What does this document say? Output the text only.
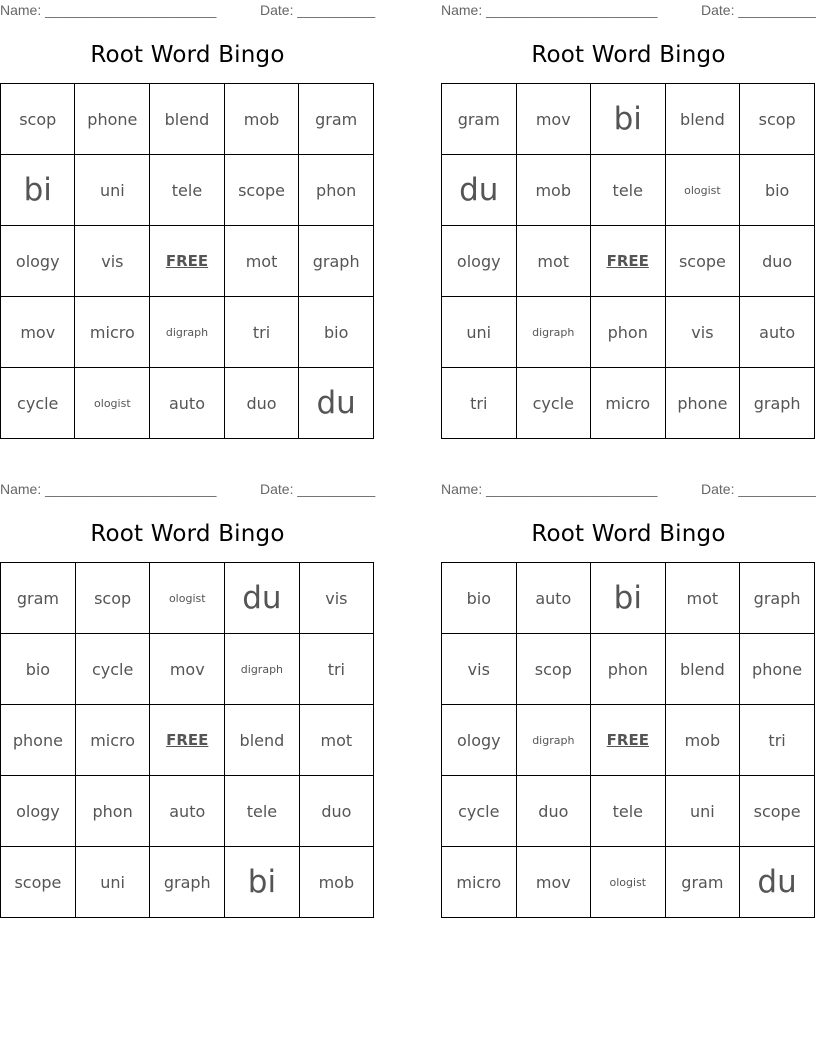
Name: ______________________	Date: __________
Root Word Bingo
scop	phone	blend	mob	gram
bi	uni	tele	scope	phon
ology	vis	FREE	mot	graph
mov	micro	digraph	tri	bio
cycle	ologist	auto	duo	du
Name: ______________________	Date: __________
Root Word Bingo
gram	mov	bi	blend	scop
du	mob	tele	ologist	bio
ology	mot	FREE	scope	duo
uni	digraph	phon	vis	auto
tri	cycle	micro	phone	graph
Name: ______________________	Date: __________
Root Word Bingo
gram	scop	ologist	du	vis
bio	cycle	mov	digraph	tri
phone	micro	FREE	blend	mot
ology	phon	auto	tele	duo
scope	uni	graph	bi	mob
Name: ______________________	Date: __________
Root Word Bingo
bio	auto	bi	mot	graph
vis	scop	phon	blend	phone
ology	digraph	FREE	mob	tri
cycle	duo	tele	uni	scope
micro	mov	ologist	gram	du
